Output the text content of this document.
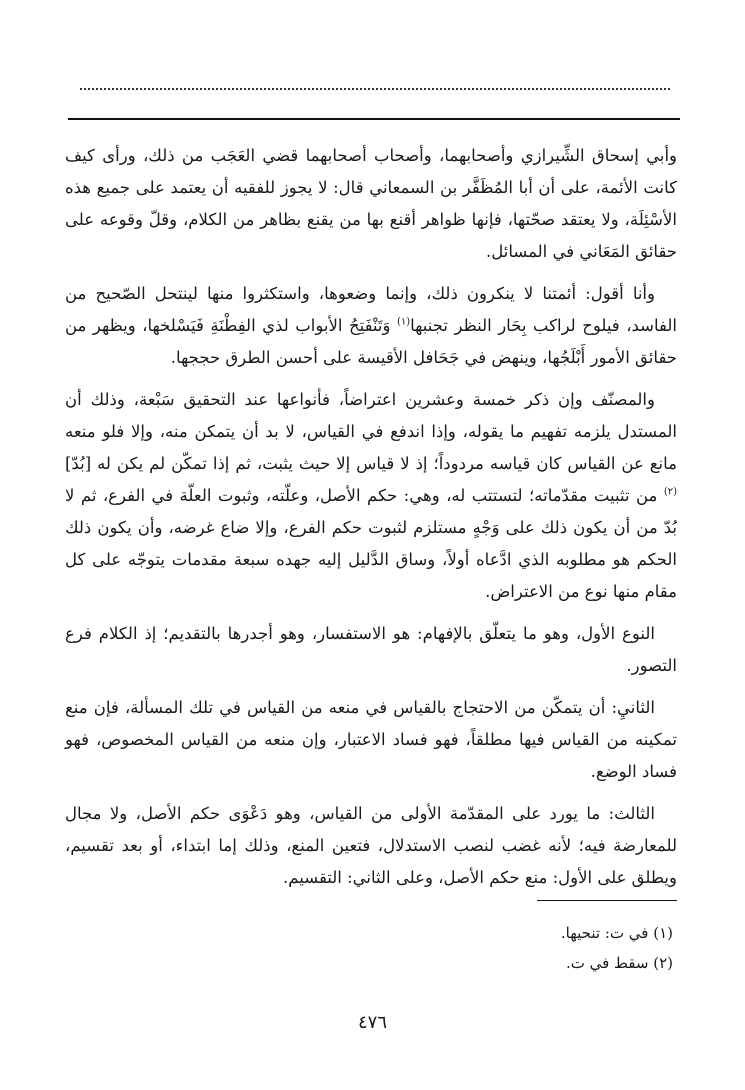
وأبي إسحاق الشِّيرازي وأصحابهما، وأصحاب أصحابهما قضي العَجَب من ذلك، ورأى كيف كانت الأئمة، على أن أبا المُظَفَّر بن السمعاني قال: لا يجوز للفقيه أن يعتمد على جميع هذه الأسْئِلَة، ولا يعتقد صحّتها، فإنها ظواهر أقنع بها من يقنع بظاهر من الكلام، وقلّ وقوعه على حقائق المَعَاني في المسائل.

وأنا أقول: أئمتنا لا ينكرون ذلك، وإنما وضعوها، واستكثروا منها لينتحل الصّحيح من الفاسد، فيلوح لراكب بِحَار النظر تجنبها$^{(١)}$ وَتَنْفَتِحُ الأبواب لذي الفِطْنَةِ فَيَسْلخها، ويظهر من حقائق الأمور أَبْلَجُها، وينهض في جَحَافل الأقيسة على أحسن الطرق حججها.

والمصنّف وإن ذكر خمسة وعشرين اعتراضاً، فأنواعها عند التحقيق سَبْعة، وذلك أن المستدل يلزمه تفهيم ما يقوله، وإذا اندفع في القياس، لا بد أن يتمكن منه، وإلا فلو منعه مانع عن القياس كان قياسه مردوداً؛ إذ لا قياس إلا حيث يثبت، ثم إذا تمكّن لم يكن له [بُدّ]$^{(٢)}$ من تثبيت مقدّماته؛ لتستتب له، وهي: حكم الأصل، وعلّته، وثبوت العلّة في الفرع، ثم لا بُدّ من أن يكون ذلك على وَجْهٍ مستلزم لثبوت حكم الفرع، وإلا ضاع غرضه، وأن يكون ذلك الحكم هو مطلوبه الذي ادَّعاه أولاً، وساق الدَّليل إليه جهده سبعة مقدمات يتوجّه على كل مقام منها نوع من الاعتراض.

النوع الأول، وهو ما يتعلّق بالإفهام: هو الاستفسار، وهو أجدرها بالتقديم؛ إذ الكلام فرع التصور.

الثانيِ: أن يتمكّن من الاحتجاج بالقياس في منعه من القياس في تلك المسألة، فإن منع تمكينه من القياس فيها مطلقاً، فهو فساد الاعتبار، وإن منعه من القياس المخصوص، فهو فساد الوضع.

الثالث: ما يورد على المقدّمة الأولى من القياس، وهو دَعْوَى حكم الأصل، ولا مجال للمعارضة فيه؛ لأنه غضب لنصب الاستدلال، فتعين المنع، وذلك إما ابتداء، أو بعد تقسيم، ويطلق على الأول: منع حكم الأصل، وعلى الثاني: التقسيم.

(١) في ت: تنحيها.
(٢) سقط في ت.
٤٧٦
